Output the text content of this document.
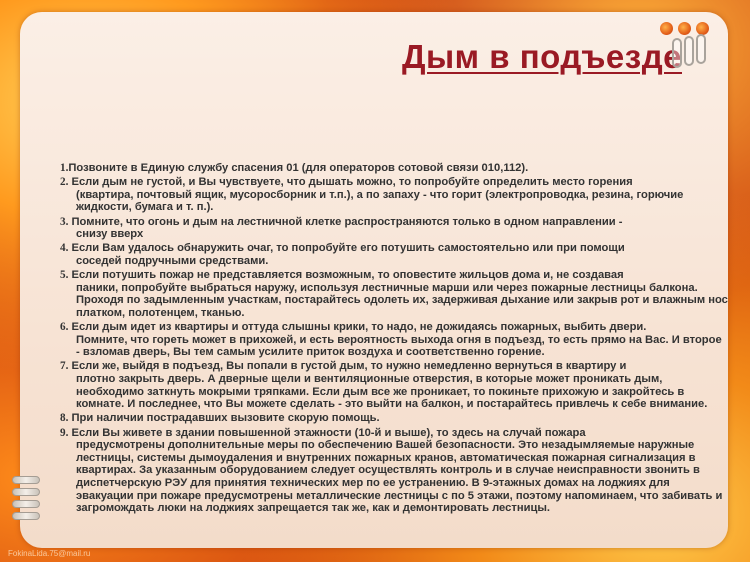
Дым в подъезде
1.Позвоните в Единую службу спасения 01 (для операторов сотовой связи 010,112).
2. Если дым не густой, и Вы чувствуете, что дышать можно, то попробуйте определить место горения
(квартира, почтовый ящик, мусоросборник и т.п.), а по запаху - что горит (электропроводка, резина, горючие жидкости, бумага и т. п.).
3. Помните, что огонь и дым на лестничной клетке распространяются только в одном направлении -
снизу вверх
4. Если Вам удалось обнаружить очаг, то попробуйте его потушить самостоятельно или при помощи
соседей подручными средствами.
5. Если потушить пожар не представляется возможным, то оповестите жильцов дома и, не создавая
паники, попробуйте выбраться наружу, используя лестничные марши или через пожарные лестницы балкона. Проходя по задымленным участкам, постарайтесь одолеть их, задерживая дыхание или закрыв рот и влажным нос платком, полотенцем, тканью.
6. Если дым идет из квартиры и оттуда слышны крики, то надо, не дожидаясь пожарных, выбить двери.
Помните, что гореть может в прихожей, и есть вероятность выхода огня в подъезд, то есть прямо на Вас. И второе - взломав дверь, Вы тем самым усилите приток воздуха и соответственно горение.
7. Если же, выйдя в подъезд, Вы попали в густой дым, то нужно немедленно вернуться в квартиру и
плотно закрыть дверь. А дверные щели и вентиляционные отверстия, в которые может проникать дым, необходимо заткнуть мокрыми тряпками. Если дым все же проникает, то покиньте прихожую и закройтесь в комнате. И последнее, что Вы можете сделать - это выйти на балкон, и постарайтесь привлечь к себе внимание.
8. При наличии пострадавших вызовите скорую помощь.
9. Если Вы живете в здании повышенной этажности (10-й и выше), то здесь на случай пожара
предусмотрены дополнительные меры по обеспечению Вашей безопасности. Это незадымляемые наружные лестницы, системы дымоудаления и внутренних пожарных кранов, автоматическая пожарная сигнализация в квартирах. За указанным оборудованием следует осуществлять контроль и в случае неисправности звонить в диспетчерскую РЭУ для принятия технических мер по ее устранению. В 9-этажных домах на лоджиях для эвакуации при пожаре предусмотрены металлические лестницы с по 5 этажи, поэтому напоминаем, что забивать и загромождать люки на лоджиях запрещается так же, как и демонтировать лестницы.
FokinaLida.75@mail.ru
